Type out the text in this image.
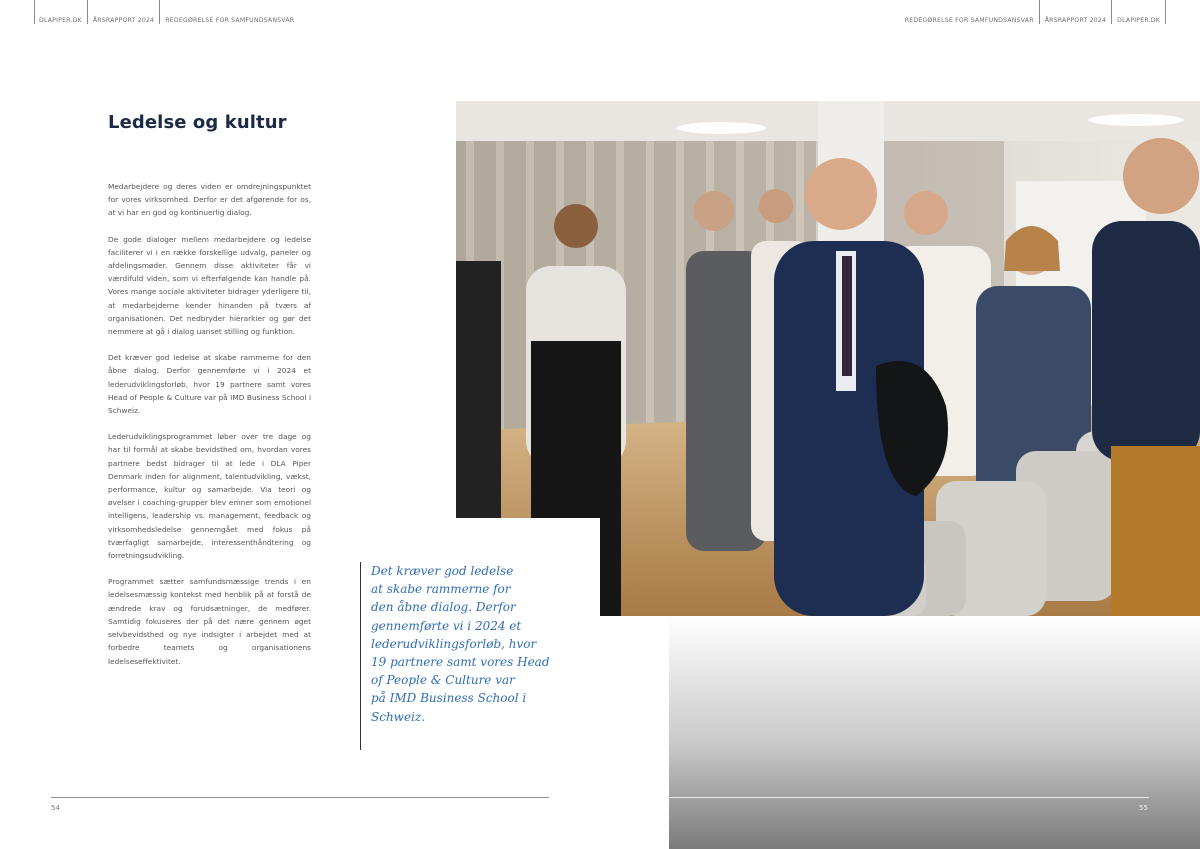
DLAPIPER.DK	ÅRSRAPPORT 2024	REDEGØRELSE FOR SAMFUNDSANSVAR	REDEGØRELSE FOR SAMFUNDSANSVAR	ÅRSRAPPORT 2024	DLAPIPER.DK
Ledelse og kultur

Medarbejdere og deres viden er omdrejningspunktet for vores virksomhed. Derfor er det afgørende for os, at vi har en god og kontinuerlig dialog.

De gode dialoger mellem medarbejdere og ledelse faciliterer vi i en række forskellige udvalg, paneler og afdelingsmøder. Gennem disse aktiviteter får vi værdifuld viden, som vi efterfølgende kan handle på. Vores mange sociale aktiviteter bidrager yderligere til, at medarbejderne kender hinanden på tværs af organisationen. Det nedbryder hierarkier og gør det nemmere at gå i dialog uanset stilling og funktion.

Det kræver god ledelse at skabe rammerne for den åbne dialog. Derfor gennemførte vi i 2024 et lederudviklingsforløb, hvor 19 partnere samt vores Head of People & Culture var på IMD Business School i Schweiz.

Lederudviklingsprogrammet løber over tre dage og har til formål at skabe bevidsthed om, hvordan vores partnere bedst bidrager til at lede i DLA Piper Denmark inden for alignment, talentudvikling, vækst, performance, kultur og samarbejde. Via teori og øvelser i coaching-grupper blev emner som emotionel intelligens, leadership vs. management, feedback og virksomhedsledelse gennemgået med fokus på tværfagligt samarbejde, interessenthåndtering og forretningsudvikling.

Programmet sætter samfundsmæssige trends i en ledelsesmæssig kontekst med henblik på at forstå de ændrede krav og forudsætninger, de medfører. Samtidig fokuseres der på det nære gennem øget selvbevidsthed og nye indsigter i arbejdet med at forbedre teamets og organisationens ledelseseffektivitet.

Det kræver god ledelse
at skabe rammerne for
den åbne dialog. Derfor
gennemførte vi i 2024 et
lederudviklingsforløb, hvor
19 partnere samt vores Head
of People & Culture var
på IMD Business School i
Schweiz.
54	55
